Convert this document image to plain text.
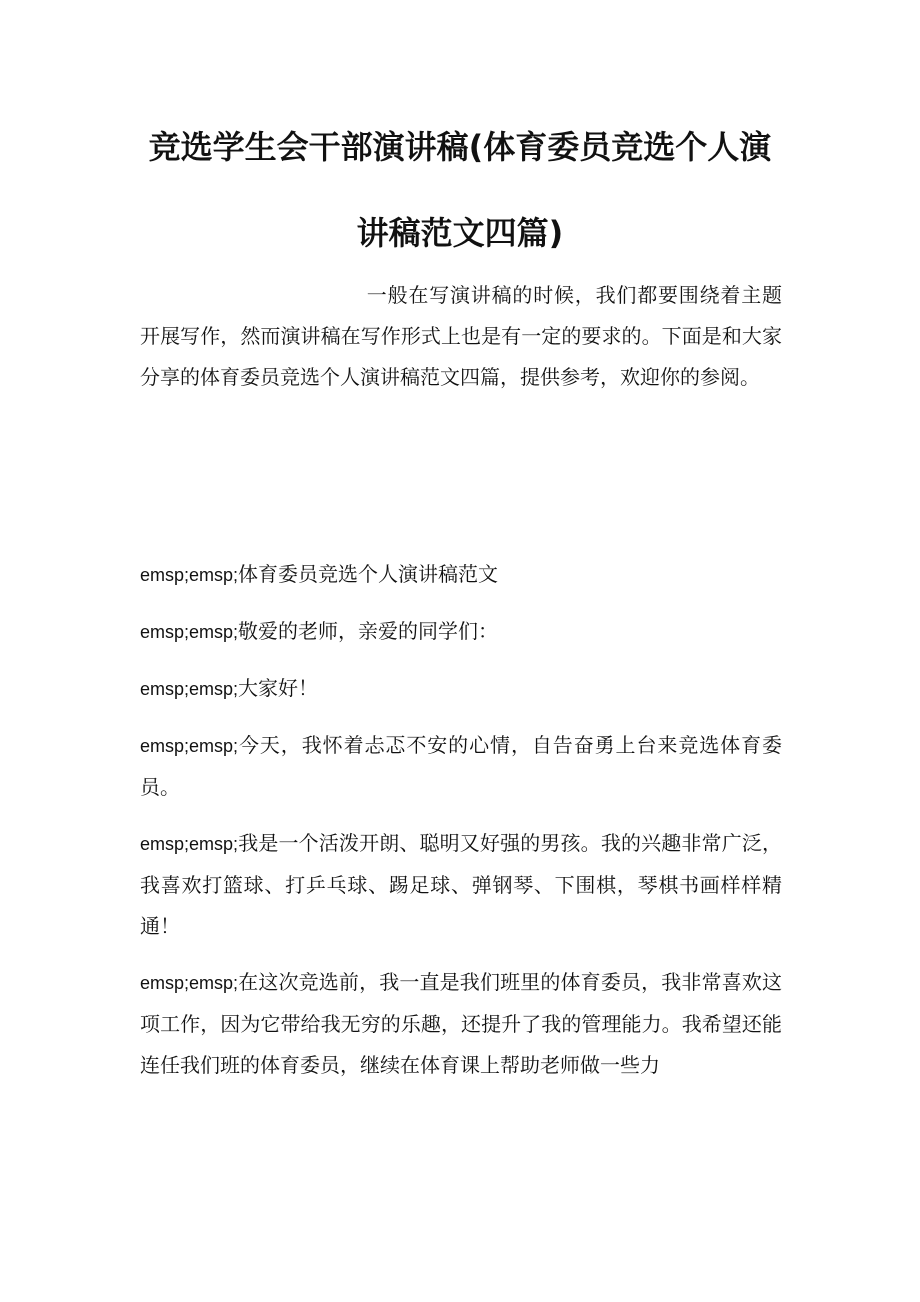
竞选学生会干部演讲稿(体育委员竞选个人演讲稿范文四篇)

一般在写演讲稿的时候，我们都要围绕着主题开展写作，然而演讲稿在写作形式上也是有一定的要求的。下面是和大家分享的体育委员竞选个人演讲稿范文四篇，提供参考，欢迎你的参阅。

emsp;emsp;体育委员竞选个人演讲稿范文

emsp;emsp;敬爱的老师，亲爱的同学们：

emsp;emsp;大家好！

emsp;emsp;今天，我怀着忐忑不安的心情，自告奋勇上台来竞选体育委员。

emsp;emsp;我是一个活泼开朗、聪明又好强的男孩。我的兴趣非常广泛，我喜欢打篮球、打乒乓球、踢足球、弹钢琴、下围棋，琴棋书画样样精通！

emsp;emsp;在这次竞选前，我一直是我们班里的体育委员，我非常喜欢这项工作，因为它带给我无穷的乐趣，还提升了我的管理能力。我希望还能连任我们班的体育委员，继续在体育课上帮助老师做一些力
